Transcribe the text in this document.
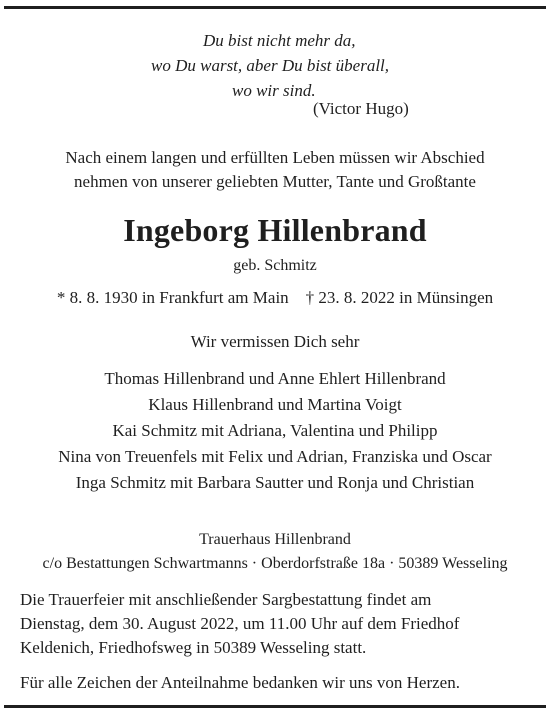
Du bist nicht mehr da,
wo Du warst, aber Du bist überall,
wo wir sind.
(Victor Hugo)
Nach einem langen und erfüllten Leben müssen wir Abschied
nehmen von unserer geliebten Mutter, Tante und Großtante
Ingeborg Hillenbrand
geb. Schmitz
* 8. 8. 1930 in Frankfurt am Main † 23. 8. 2022 in Münsingen
Wir vermissen Dich sehr
Thomas Hillenbrand und Anne Ehlert Hillenbrand
Klaus Hillenbrand und Martina Voigt
Kai Schmitz mit Adriana, Valentina und Philipp
Nina von Treuenfels mit Felix und Adrian, Franziska und Oscar
Inga Schmitz mit Barbara Sautter und Ronja und Christian
Trauerhaus Hillenbrand
c/o Bestattungen Schwartmanns · Oberdorfstraße 18a · 50389 Wesseling
Die Trauerfeier mit anschließender Sargbestattung findet am
Dienstag, dem 30. August 2022, um 11.00 Uhr auf dem Friedhof
Keldenich, Friedhofsweg in 50389 Wesseling statt.
Für alle Zeichen der Anteilnahme bedanken wir uns von Herzen.
